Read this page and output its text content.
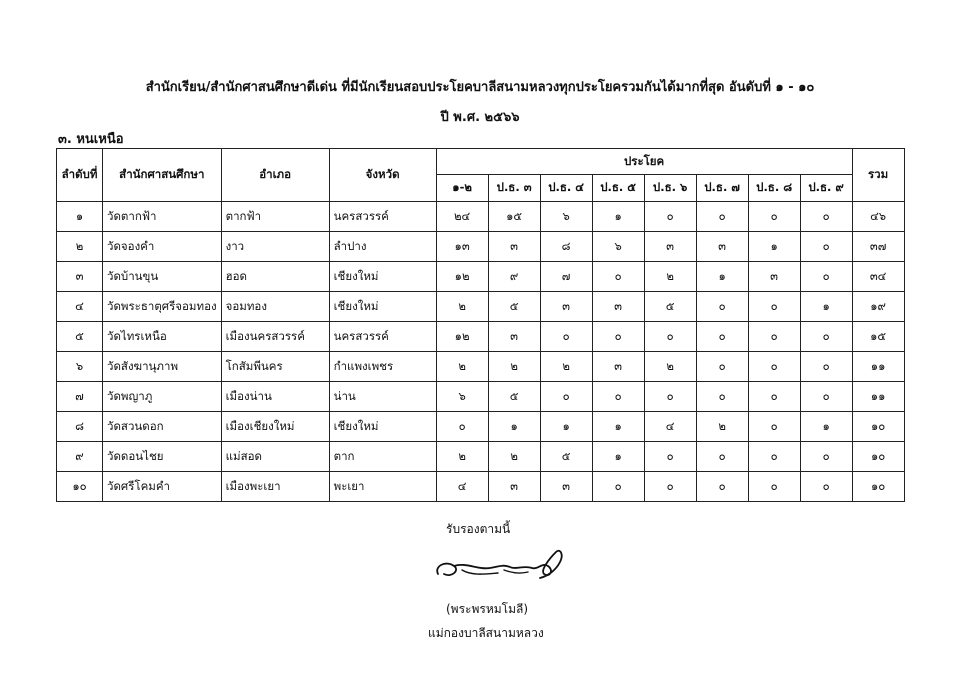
สำนักเรียน/สำนักศาสนศึกษาดีเด่น ที่มีนักเรียนสอบประโยคบาลีสนามหลวงทุกประโยครวมกันได้มากที่สุด อันดับที่ ๑ - ๑๐
ปี พ.ศ. ๒๕๖๖
๓. หนเหนือ
ลำดับที่	สำนักศาสนศึกษา	อำเภอ	จังหวัด	ประโยค								รวม
				๑-๒	ป.ธ. ๓	ป.ธ. ๔	ป.ธ. ๕	ป.ธ. ๖	ป.ธ. ๗	ป.ธ. ๘	ป.ธ. ๙	
๑	วัดตากฟ้า	ตากฟ้า	นครสวรรค์	๒๔	๑๕	๖	๑	๐	๐	๐	๐	๔๖
๒	วัดจองคำ	งาว	ลำปาง	๑๓	๓	๘	๖	๓	๓	๑	๐	๓๗
๓	วัดบ้านขุน	ฮอด	เชียงใหม่	๑๒	๙	๗	๐	๒	๑	๓	๐	๓๔
๔	วัดพระธาตุศรีจอมทอง	จอมทอง	เชียงใหม่	๒	๕	๓	๓	๕	๐	๐	๑	๑๙
๕	วัดไทรเหนือ	เมืองนครสวรรค์	นครสวรรค์	๑๒	๓	๐	๐	๐	๐	๐	๐	๑๕
๖	วัดสังฆานุภาพ	โกสัมพีนคร	กำแพงเพชร	๒	๒	๒	๓	๒	๐	๐	๐	๑๑
๗	วัดพญาภู	เมืองน่าน	น่าน	๖	๕	๐	๐	๐	๐	๐	๐	๑๑
๘	วัดสวนดอก	เมืองเชียงใหม่	เชียงใหม่	๐	๑	๑	๑	๔	๒	๐	๑	๑๐
๙	วัดดอนไชย	แม่สอด	ตาก	๒	๒	๕	๑	๐	๐	๐	๐	๑๐
๑๐	วัดศรีโคมคำ	เมืองพะเยา	พะเยา	๔	๓	๓	๐	๐	๐	๐	๐	๑๐
รับรองตามนี้
(พระพรหมโมลี)
แม่กองบาลีสนามหลวง
